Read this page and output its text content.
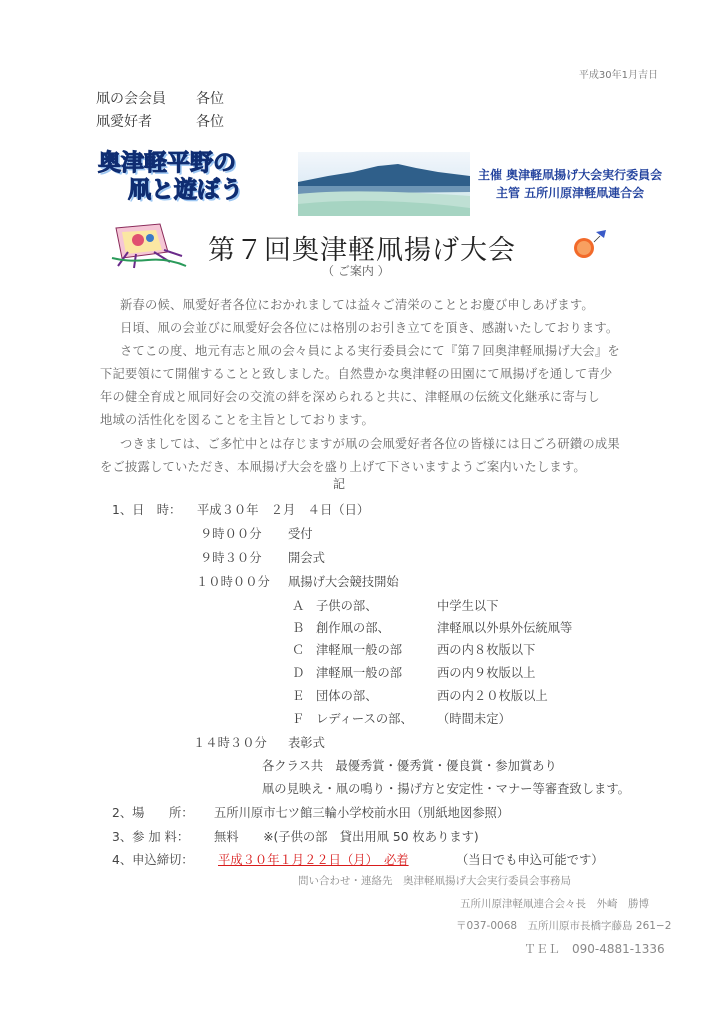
平成30年1月吉日
凧の会会員 各位
凧愛好者	各位
奥津軽平野の
凧と遊ぼう
主催 奥津軽凧揚げ大会実行委員会
主管 五所川原津軽凧連合会
第７回奥津軽凧揚げ大会
（ ご案内 ）
新春の候、凧愛好者各位におかれましては益々ご清栄のこととお慶び申しあげます。
日頃、凧の会並びに凧愛好会各位には格別のお引き立てを頂き、感謝いたしております。
さてこの度、地元有志と凧の会々員による実行委員会にて『第７回奥津軽凧揚げ大会』を
下記要領にて開催することと致しました。自然豊かな奥津軽の田園にて凧揚げを通して青少
年の健全育成と凧同好会の交流の絆を深められると共に、津軽凧の伝統文化継承に寄与し
地域の活性化を図ることを主旨としております。
つきましては、ご多忙中とは存じますが凧の会凧愛好者各位の皆様には日ごろ研鑚の成果
をご披露していただき、本凧揚げ大会を盛り上げて下さいますようご案内いたします。
記
1、日　時： 平成３０年　２月　４日（日）
９時００分 受付
９時３０分 開会式
１０時００分 凧揚げ大会競技開始
Ａ 子供の部、	中学生以下
Ｂ 創作凧の部、	津軽凧以外県外伝統凧等
Ｃ 津軽凧一般の部	西の内８枚版以下
Ｄ 津軽凧一般の部	西の内９枚版以上
Ｅ 団体の部、	西の内２０枚版以上
Ｆ レディースの部、 （時間未定）
１４時３０分 表彰式
各クラス共　最優秀賞・優秀賞・優良賞・参加賞あり
凧の見映え・凧の鳴り・揚げ方と安定性・マナー等審査致します。
2、場　　所： 五所川原市七ツ館三輪小学校前水田（別紙地図参照）
3、参 加 料： 無料　　※(子供の部　貸出用凧 50 枚あります)
4、申込締切： 平成３０年１月２２日（月）　必着	（当日でも申込可能です）
問い合わせ・連絡先　奥津軽凧揚げ大会実行委員会事務局
五所川原津軽凧連合会々長　外崎　勝博
〒037-0068　五所川原市長橋字藤島 261−2
ＴＥＬ　090-4881-1336
